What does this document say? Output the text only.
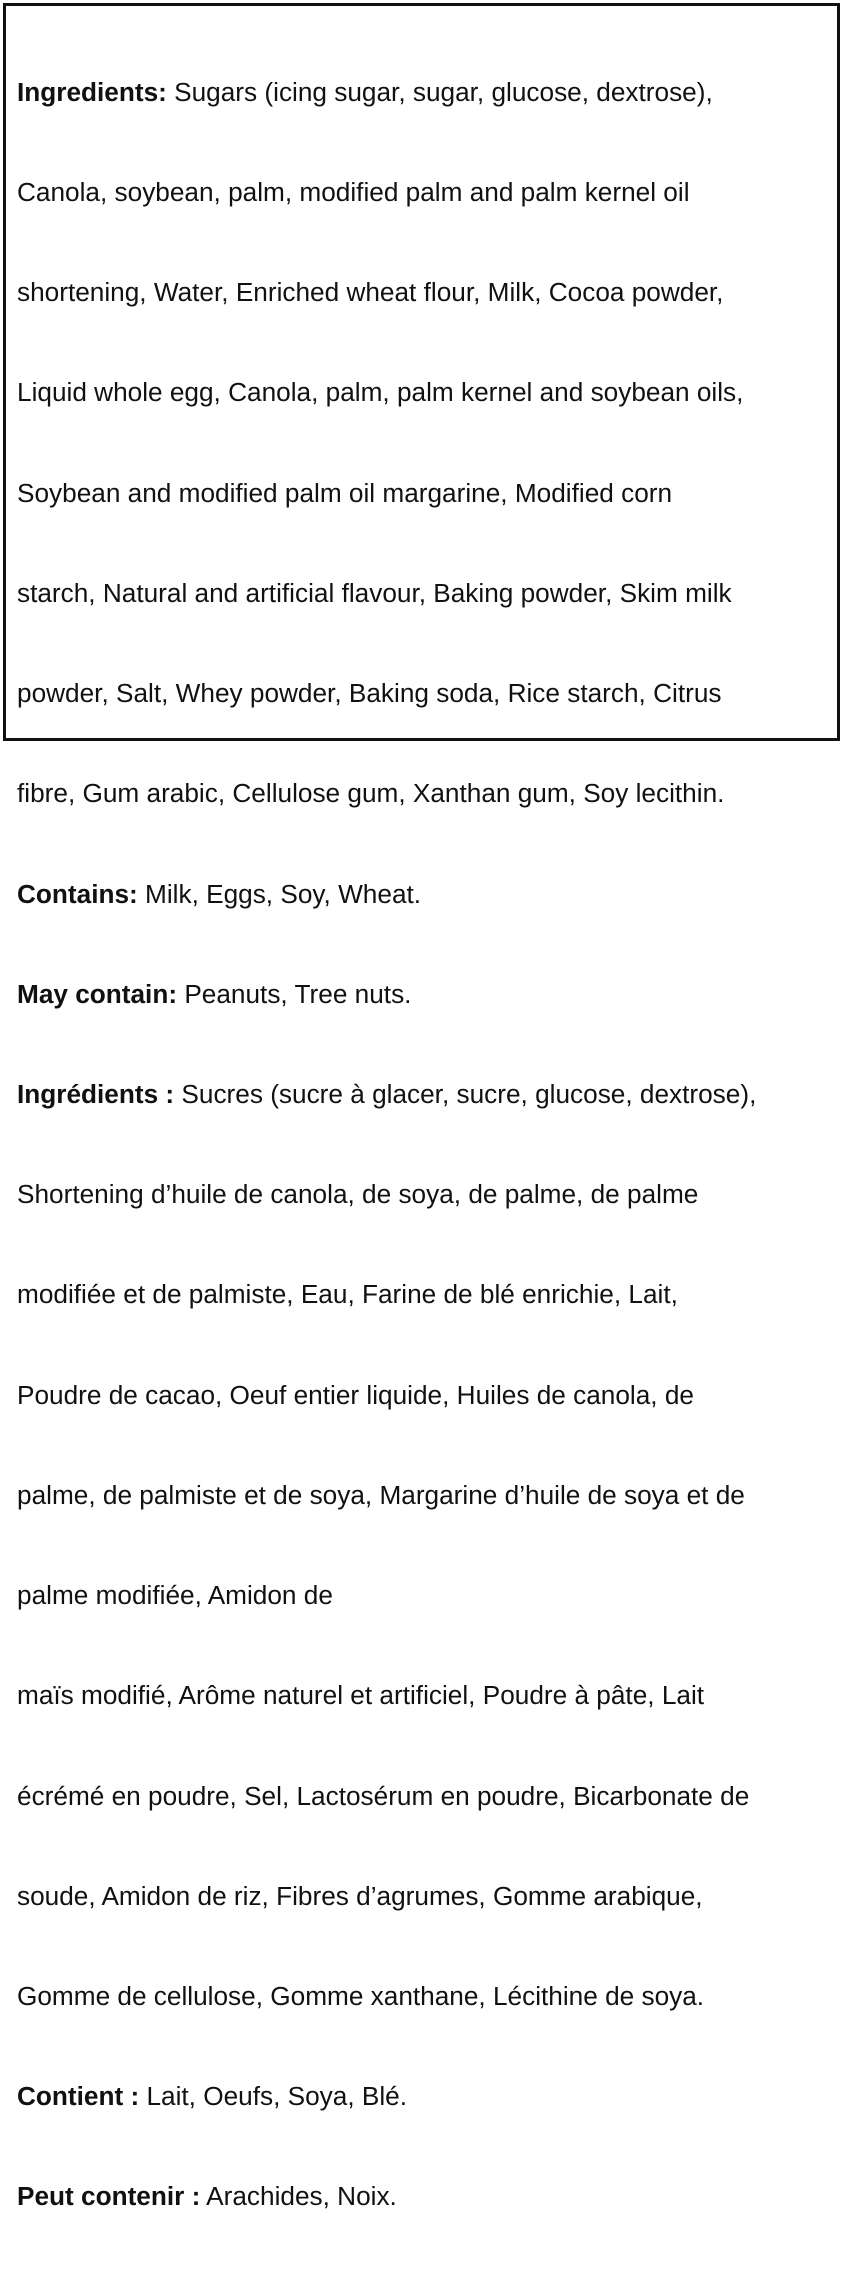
Ingredients: Sugars (icing sugar, sugar, glucose, dextrose),

Canola, soybean, palm, modified palm and palm kernel oil

shortening, Water, Enriched wheat flour, Milk, Cocoa powder,

Liquid whole egg, Canola, palm, palm kernel and soybean oils,

Soybean and modified palm oil margarine, Modified corn

starch, Natural and artificial flavour, Baking powder, Skim milk

powder, Salt, Whey powder, Baking soda, Rice starch, Citrus

fibre, Gum arabic, Cellulose gum, Xanthan gum, Soy lecithin.

Contains: Milk, Eggs, Soy, Wheat.

May contain: Peanuts, Tree nuts.

Ingrédients : Sucres (sucre à glacer, sucre, glucose, dextrose),

Shortening d’huile de canola, de soya, de palme, de palme

modifiée et de palmiste, Eau, Farine de blé enrichie, Lait,

Poudre de cacao, Oeuf entier liquide, Huiles de canola, de

palme, de palmiste et de soya, Margarine d’huile de soya et de

palme modifiée, Amidon de

maïs modifié, Arôme naturel et artificiel, Poudre à pâte, Lait

écrémé en poudre, Sel, Lactosérum en poudre, Bicarbonate de

soude, Amidon de riz, Fibres d’agrumes, Gomme arabique,

Gomme de cellulose, Gomme xanthane, Lécithine de soya.

Contient : Lait, Oeufs, Soya, Blé.

Peut contenir : Arachides, Noix.
